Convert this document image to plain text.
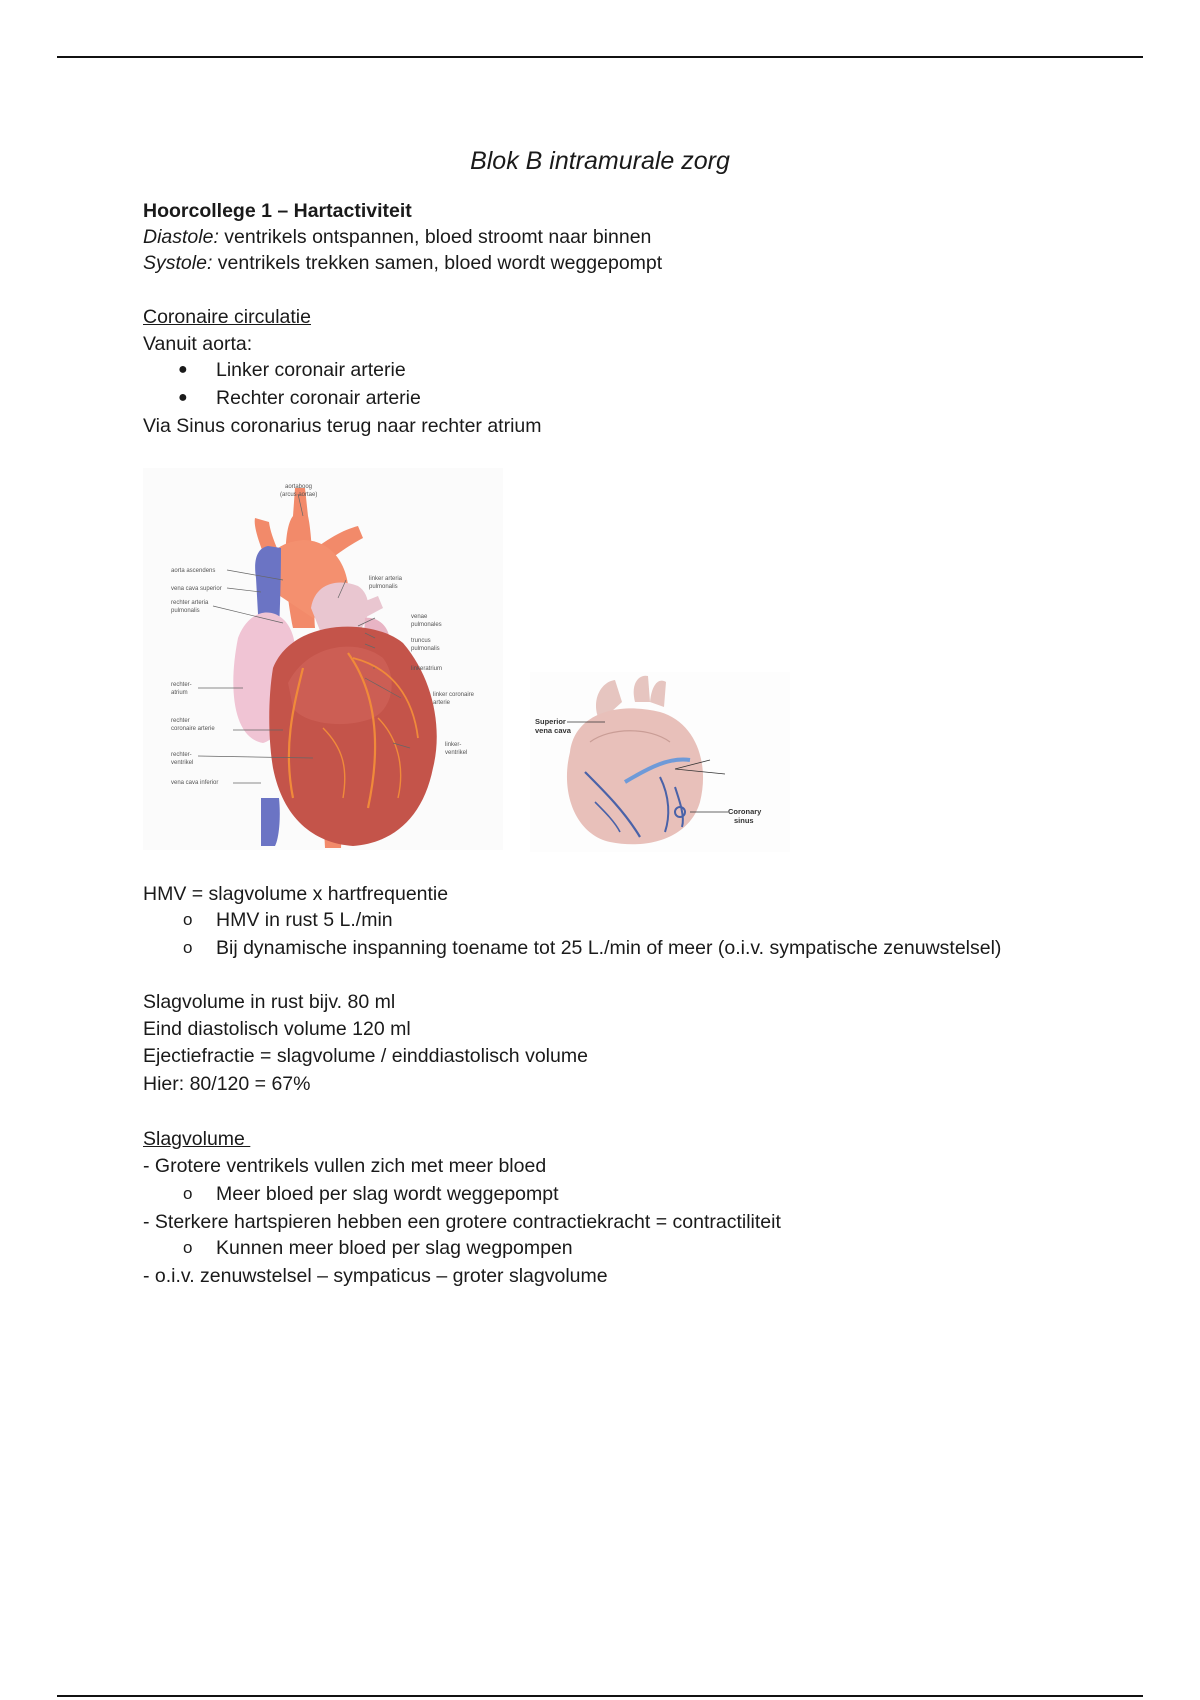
Blok B intramurale zorg
Hoorcollege 1 – Hartactiviteit
Diastole: ventrikels ontspannen, bloed stroomt naar binnen
Systole: ventrikels trekken samen, bloed wordt weggepompt
Coronaire circulatie
Vanuit aorta:
● Linker coronair arterie
● Rechter coronair arterie
Via Sinus coronarius terug naar rechter atrium
aortaboog
(arcus aortae)
aorta ascendens
vena cava superior
rechter arteria
pulmonalis
linker arteria
pulmonalis
venae
pulmonales
truncus
pulmonalis
linkeratrium
rechter-
atrium	linker coronaire
arterie
rechter
coronaire arterie
linker-
ventrikel
rechter-
ventrikel
vena cava inferior
Superior
vena cava
Coronary
sinus
HMV = slagvolume x hartfrequentie
o HMV in rust 5 L./min
o Bij dynamische inspanning toename tot 25 L./min of meer (o.i.v. sympatische zenuwstelsel)
Slagvolume in rust bijv. 80 ml
Eind diastolisch volume 120 ml
Ejectiefractie = slagvolume / einddiastolisch volume
Hier: 80/120 = 67%
Slagvolume
- Grotere ventrikels vullen zich met meer bloed
o Meer bloed per slag wordt weggepompt
- Sterkere hartspieren hebben een grotere contractiekracht = contractiliteit
o Kunnen meer bloed per slag wegpompen
- o.i.v. zenuwstelsel – sympaticus – groter slagvolume
